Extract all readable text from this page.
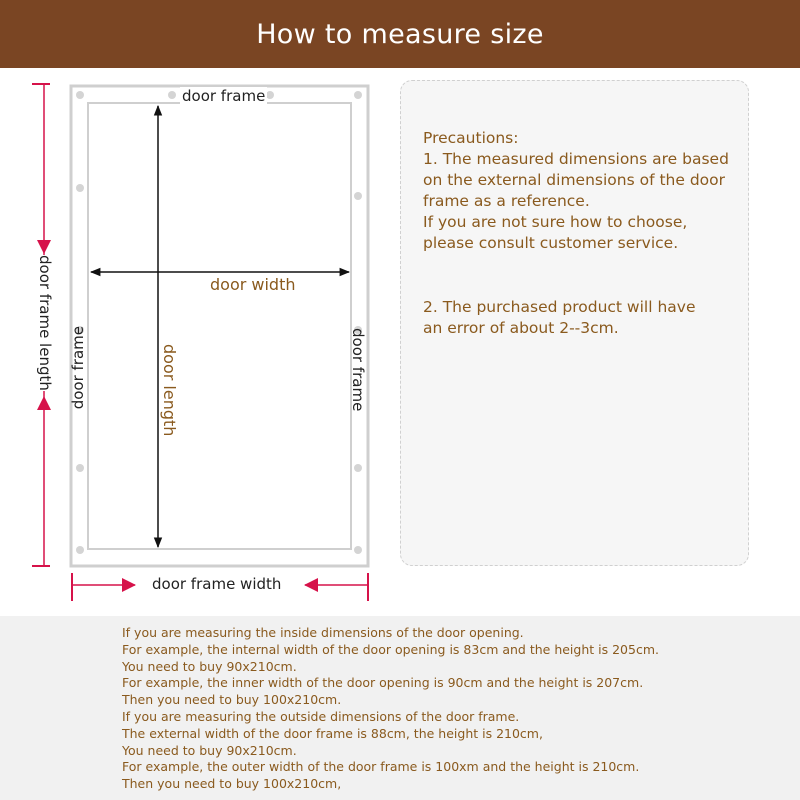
How to measure size
door frame
door width
door length
door frame	door frame
door frame length
door frame width
Precautions:
1. The measured dimensions are based
on the external dimensions of the door
frame as a reference.
If you are not sure how to choose,
please consult customer service.
2. The purchased product will have
an error of about 2--3cm.
If you are measuring the inside dimensions of the door opening.
For example, the internal width of the door opening is 83cm and the height is 205cm.
You need to buy 90x210cm.
For example, the inner width of the door opening is 90cm and the height is 207cm.
Then you need to buy 100x210cm.
If you are measuring the outside dimensions of the door frame.
The external width of the door frame is 88cm, the height is 210cm,
You need to buy 90x210cm.
For example, the outer width of the door frame is 100xm and the height is 210cm.
Then you need to buy 100x210cm,
